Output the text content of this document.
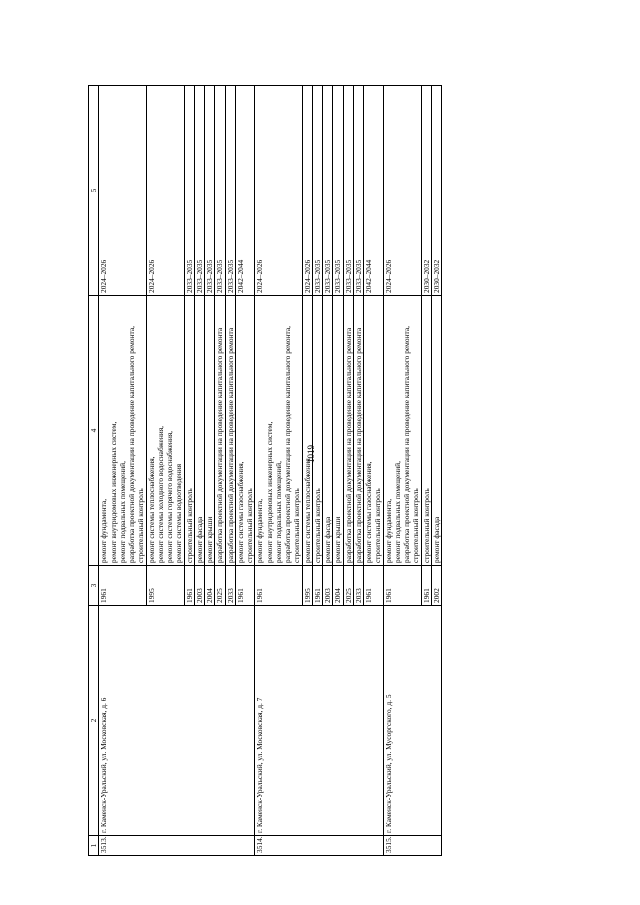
1019
1	2	3	4	5
3513.	г. Каменск-Уральский, ул. Московская, д. 6	1961	ремонт фундамента,
ремонт внутридомовых инженерных систем,
ремонт подвальных помещений,
разработка проектной документации на проведение капитального ремонта,
строительный контроль	2024–2026
		1995	ремонт системы теплоснабжения,
ремонт системы холодного водоснабжения,
ремонт системы горячего водоснабжения,
ремонт системы водоотведения	2024–2026
		1961	строительный контроль	2033–2035
		2003	ремонт фасада	2033–2035
		2004	ремонт крыши	2033–2035
		2025	разработка проектной документации на проведение капитального ремонта	2033–2035
		2033	разработка проектной документации на проведение капитального ремонта	2033–2035
		1961	ремонт системы газоснабжения,
строительный контроль	2042–2044
3514.	г. Каменск-Уральский, ул. Московская, д. 7	1961	ремонт фундамента,
ремонт внутридомовых инженерных систем,
ремонт подвальных помещений,
разработка проектной документации на проведение капитального ремонта,
строительный контроль	2024–2026
		1995	ремонт системы теплоснабжения	2024–2026
		1961	строительный контроль	2033–2035
		2003	ремонт фасада	2033–2035
		2004	ремонт крыши	2033–2035
		2025	разработка проектной документации на проведение капитального ремонта	2033–2035
		2033	разработка проектной документации на проведение капитального ремонта	2033–2035
		1961	ремонт системы газоснабжения,
строительный контроль	2042–2044
3515.	г. Каменск-Уральский, ул. Мусоргского, д. 5	1961	ремонт фундамента,
ремонт подвальных помещений,
разработка проектной документации на проведение капитального ремонта,
строительный контроль	2024–2026
		1961	строительный контроль	2030–2032
		2002	ремонт фасада	2030–2032
